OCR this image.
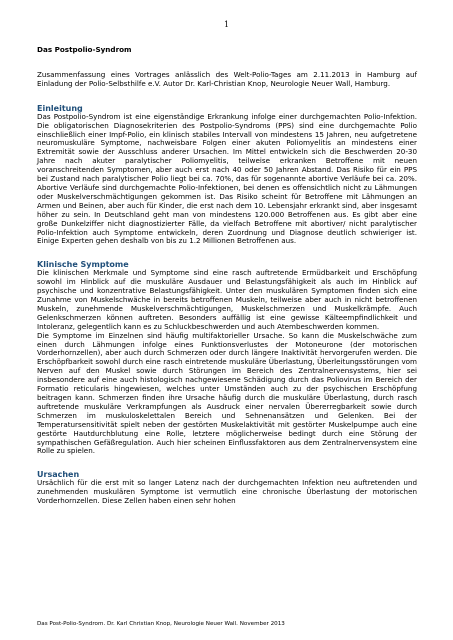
1
Das Postpolio-Syndrom

Zusammenfassung eines Vortrages anlässlich des Welt-Polio-Tages am 2.11.2013 in Hamburg auf Einladung der Polio-Selbsthilfe e.V. Autor Dr. Karl-Christian Knop, Neurologie Neuer Wall, Hamburg.

Einleitung

Das Postpolio-Syndrom ist eine eigenständige Erkrankung infolge einer durchgemachten Polio-Infektion. Die obligatorischen Diagnosekriterien des Postpolio-Syndroms (PPS) sind eine durchgemachte Polio einschließlich einer Impf-Polio, ein klinisch stabiles Intervall von mindestens 15 Jahren, neu aufgetretene neuromuskuläre Symptome, nachweisbare Folgen einer akuten Poliomyelitis an mindestens einer Extremität sowie der Ausschluss anderer Ursachen. Im Mittel entwickeln sich die Beschwerden 20-30 Jahre nach akuter paralytischer Poliomyelitis, teilweise erkranken Betroffene mit neuen voranschreitenden Symptomen, aber auch erst nach 40 oder 50 Jahren Abstand. Das Risiko für ein PPS bei Zustand nach paralytischer Polio liegt bei ca. 70%, das für sogenannte abortive Verläufe bei ca. 20%. Abortive Verläufe sind durchgemachte Polio-Infektionen, bei denen es offensichtlich nicht zu Lähmungen oder Muskelverschmächtigungen gekommen ist. Das Risiko scheint für Betroffene mit Lähmungen an Armen und Beinen, aber auch für Kinder, die erst nach dem 10. Lebensjahr erkrankt sind, aber insgesamt höher zu sein. In Deutschland geht man von mindestens 120.000 Betroffenen aus. Es gibt aber eine große Dunkelziffer nicht diagnostizierter Fälle, da vielfach Betroffene mit abortiver/ nicht paralytischer Polio-Infektion auch Symptome entwickeln, deren Zuordnung und Diagnose deutlich schwieriger ist. Einige Experten gehen deshalb von bis zu 1.2 Millionen Betroffenen aus.

Klinische Symptome

Die klinischen Merkmale und Symptome sind eine rasch auftretende Ermüdbarkeit und Erschöpfung sowohl im Hinblick auf die muskuläre Ausdauer und Belastungsfähigkeit als auch im Hinblick auf psychische und konzentrative Belastungsfähigkeit. Unter den muskulären Symptomen finden sich eine Zunahme von Muskelschwäche in bereits betroffenen Muskeln, teilweise aber auch in nicht betroffenen Muskeln, zunehmende Muskelverschmächtigungen, Muskelschmerzen und Muskelkrämpfe. Auch Gelenkschmerzen können auftreten. Besonders auffällig ist eine gewisse Kälteempfindlichkeit und Intoleranz, gelegentlich kann es zu Schluckbeschwerden und auch Atembeschwerden kommen.

Die Symptome im Einzelnen sind häufig multifaktorieller Ursache. So kann die Muskelschwäche zum einen durch Lähmungen infolge eines Funktionsverlustes der Motoneurone (der motorischen Vorderhornzellen), aber auch durch Schmerzen oder durch längere Inaktivität hervorgerufen werden. Die Erschöpfbarkeit sowohl durch eine rasch eintretende muskuläre Überlastung, Überleitungsstörungen vom Nerven auf den Muskel sowie durch Störungen im Bereich des Zentralnervensystems, hier sei insbesondere auf eine auch histologisch nachgewiesene Schädigung durch das Poliovirus im Bereich der Formatio reticularis hingewiesen, welches unter Umständen auch zu der psychischen Erschöpfung beitragen kann. Schmerzen finden ihre Ursache häufig durch die muskuläre Überlastung, durch rasch auftretende muskuläre Verkrampfungen als Ausdruck einer nervalen Übererregbarkeit sowie durch Schmerzen im muskuloskelettalen Bereich und Sehnenansätzen und Gelenken. Bei der Temperatursensitivität spielt neben der gestörten Muskelaktivität mit gestörter Muskelpumpe auch eine gestörte Hautdurchblutung eine Rolle, letztere möglicherweise bedingt durch eine Störung der sympathischen Gefäßregulation. Auch hier scheinen Einflussfaktoren aus dem Zentralnervensystem eine Rolle zu spielen.

Ursachen

Ursächlich für die erst mit so langer Latenz nach der durchgemachten Infektion neu auftretenden und zunehmenden muskulären Symptome ist vermutlich eine chronische Überlastung der motorischen Vorderhornzellen. Diese Zellen haben einen sehr hohen

Das Post-Polio-Syndrom. Dr. Karl Christian Knop, Neurologie Neuer Wall. November 2013
